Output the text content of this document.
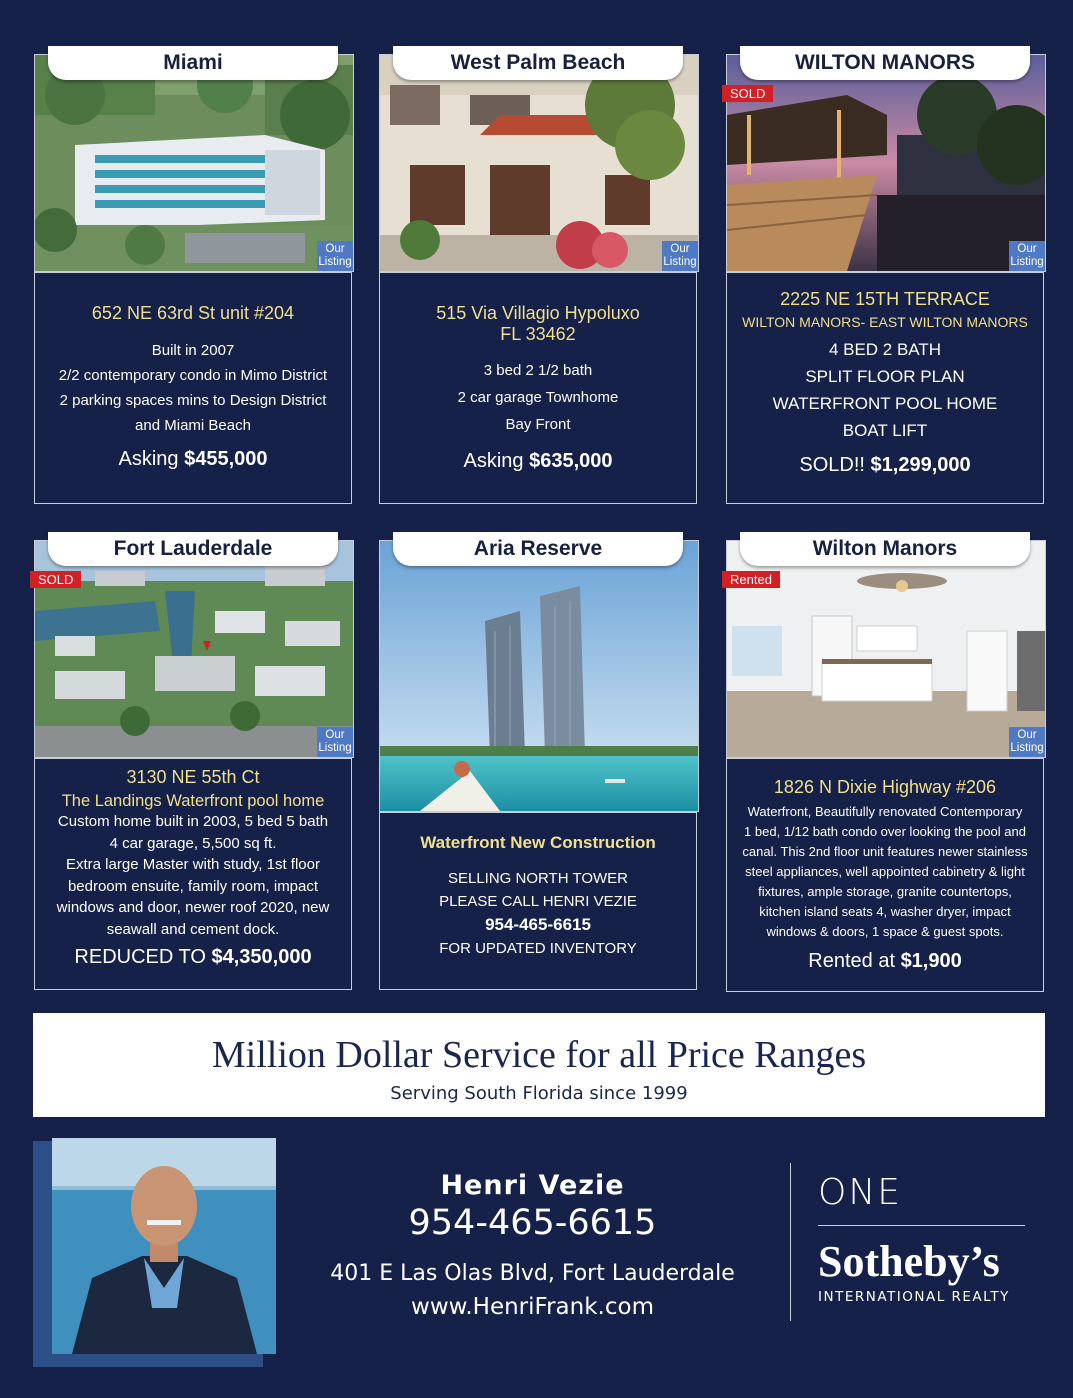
Miami
Our
Listing
652 NE 63rd St unit #204
Built in 2007
2/2 contemporary condo in Mimo District
2 parking spaces mins to Design District
and Miami Beach
Asking $455,000
West Palm Beach
Our
Listing
515 Via Villagio Hypoluxo
FL 33462
3 bed 2 1/2 bath
2 car garage Townhome
Bay Front
Asking $635,000
WILTON MANORS
SOLD
Our
Listing
2225 NE 15TH TERRACE
WILTON MANORS- EAST WILTON MANORS
4 BED 2 BATH
SPLIT FLOOR PLAN
WATERFRONT POOL HOME
BOAT LIFT
SOLD!! $1,299,000
Fort Lauderdale
SOLD
Our
Listing
3130 NE 55th Ct
The Landings Waterfront pool home
Custom home built in 2003, 5 bed 5 bath
4 car garage, 5,500 sq ft.
Extra large Master with study, 1st floor
bedroom ensuite, family room, impact
windows and door, newer roof 2020, new
seawall and cement dock.
REDUCED TO $4,350,000
Aria Reserve
Waterfront New Construction
SELLING NORTH TOWER
PLEASE CALL HENRI VEZIE
954-465-6615
FOR UPDATED INVENTORY
Wilton Manors
Rented
Our
Listing
1826 N Dixie Highway #206
Waterfront, Beautifully renovated Contemporary
1 bed, 1/12 bath condo over looking the pool and
canal. This 2nd floor unit features newer stainless
steel appliances, well appointed cabinetry & light
fixtures, ample storage, granite countertops,
kitchen island seats 4, washer dryer, impact
windows & doors, 1 space & guest spots.
Rented at $1,900
Million Dollar Service for all Price Ranges
Serving South Florida since 1999
Henri Vezie
954-465-6615
401 E Las Olas Blvd, Fort Lauderdale
www.HenriFrank.com
ONE
Sotheby’s
INTERNATIONAL REALTY
